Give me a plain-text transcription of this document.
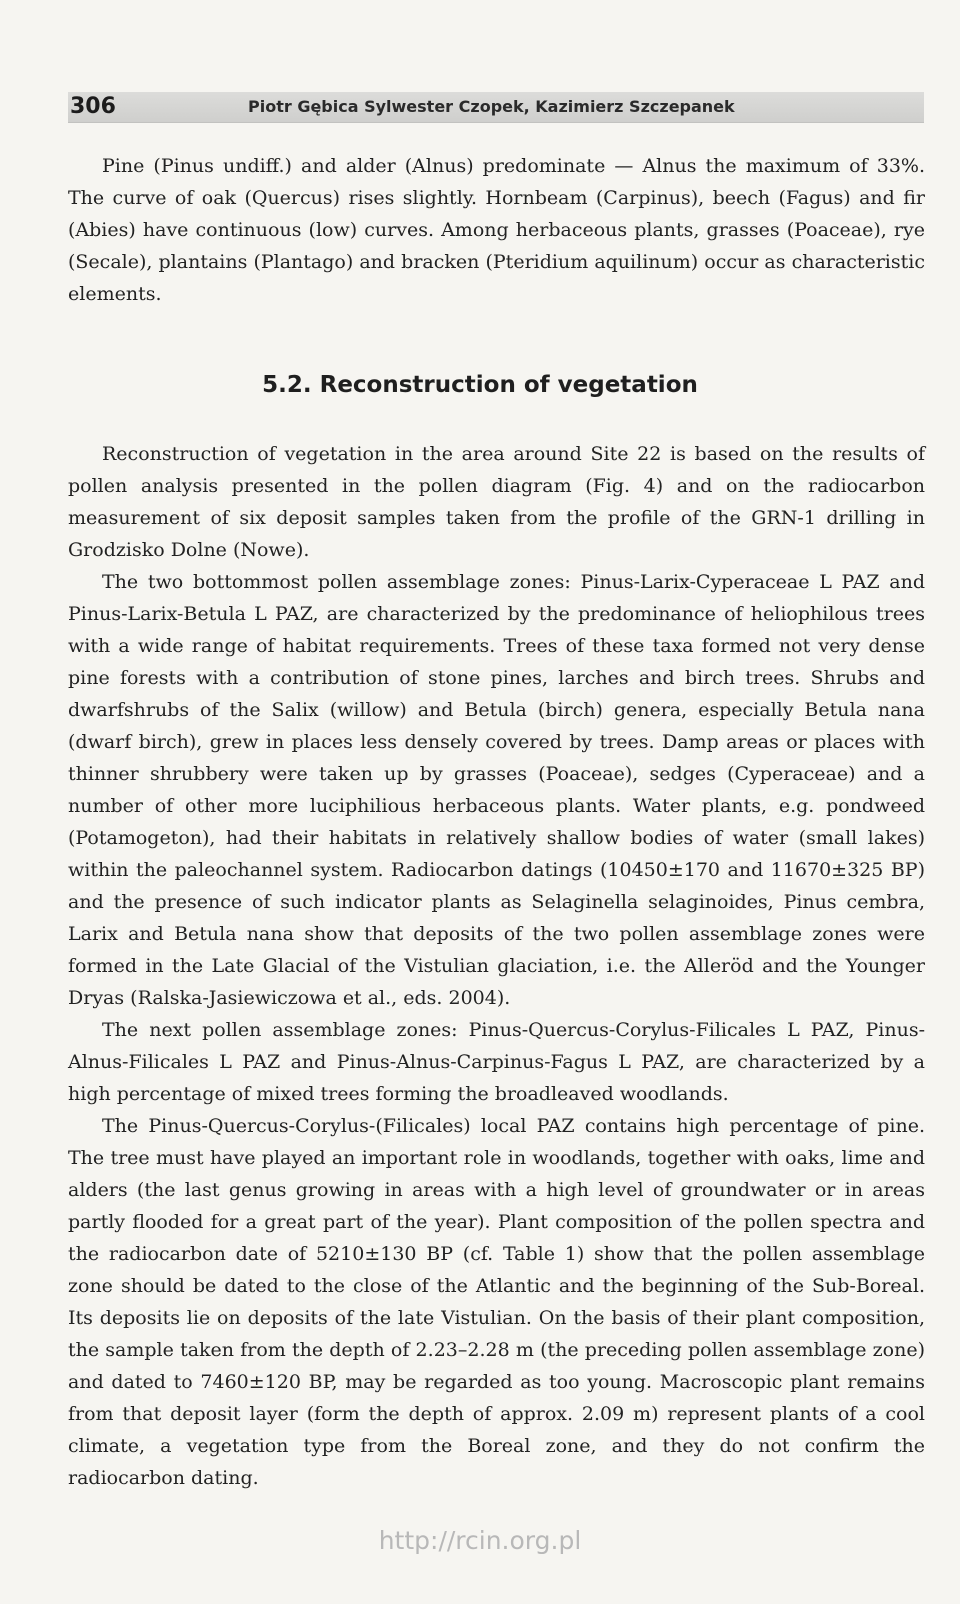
306	Piotr Gębica Sylwester Czopek, Kazimierz Szczepanek

Pine (Pinus undiff.) and alder (Alnus) predominate — Alnus the maximum of 33%. The curve of oak (Quercus) rises slightly. Hornbeam (Carpinus), beech (Fagus) and fir (Abies) have continuous (low) curves. Among herbaceous plants, grasses (Poaceae), rye (Secale), plantains (Plantago) and bracken (Pteridium aquilinum) occur as characteristic elements.

5.2. Reconstruction of vegetation

Reconstruction of vegetation in the area around Site 22 is based on the results of pollen analysis presented in the pollen diagram (Fig. 4) and on the radiocarbon measurement of six deposit samples taken from the profile of the GRN-1 drilling in Grodzisko Dolne (Nowe).

The two bottommost pollen assemblage zones: Pinus-Larix-Cyperaceae L PAZ and Pinus-Larix-Betula L PAZ, are characterized by the predominance of heliophilous trees with a wide range of habitat requirements. Trees of these taxa formed not very dense pine forests with a contribution of stone pines, larches and birch trees. Shrubs and dwarfshrubs of the Salix (willow) and Betula (birch) genera, especially Betula nana (dwarf birch), grew in places less densely covered by trees. Damp areas or places with thinner shrubbery were taken up by grasses (Poaceae), sedges (Cyperaceae) and a number of other more luciphilious herbaceous plants. Water plants, e.g. pondweed (Potamogeton), had their habitats in relatively shallow bodies of water (small lakes) within the paleochannel system. Radiocarbon datings (10450±170 and 11670±325 BP) and the presence of such indicator plants as Selaginella selaginoides, Pinus cembra, Larix and Betula nana show that deposits of the two pollen assemblage zones were formed in the Late Glacial of the Vistulian glaciation, i.e. the Alleröd and the Younger Dryas (Ralska-Jasiewiczowa et al., eds. 2004).

The next pollen assemblage zones: Pinus-Quercus-Corylus-Filicales L PAZ, Pinus-Alnus-Filicales L PAZ and Pinus-Alnus-Carpinus-Fagus L PAZ, are characterized by a high percentage of mixed trees forming the broadleaved woodlands.

The Pinus-Quercus-Corylus-(Filicales) local PAZ contains high percentage of pine. The tree must have played an important role in woodlands, together with oaks, lime and alders (the last genus growing in areas with a high level of groundwater or in areas partly flooded for a great part of the year). Plant composition of the pollen spectra and the radiocarbon date of 5210±130 BP (cf. Table 1) show that the pollen assemblage zone should be dated to the close of the Atlantic and the beginning of the Sub-Boreal. Its deposits lie on deposits of the late Vistulian. On the basis of their plant composition, the sample taken from the depth of 2.23–2.28 m (the preceding pollen assemblage zone) and dated to 7460±120 BP, may be regarded as too young. Macroscopic plant remains from that deposit layer (form the depth of approx. 2.09 m) represent plants of a cool climate, a vegetation type from the Boreal zone, and they do not confirm the radiocarbon dating.

http://rcin.org.pl
